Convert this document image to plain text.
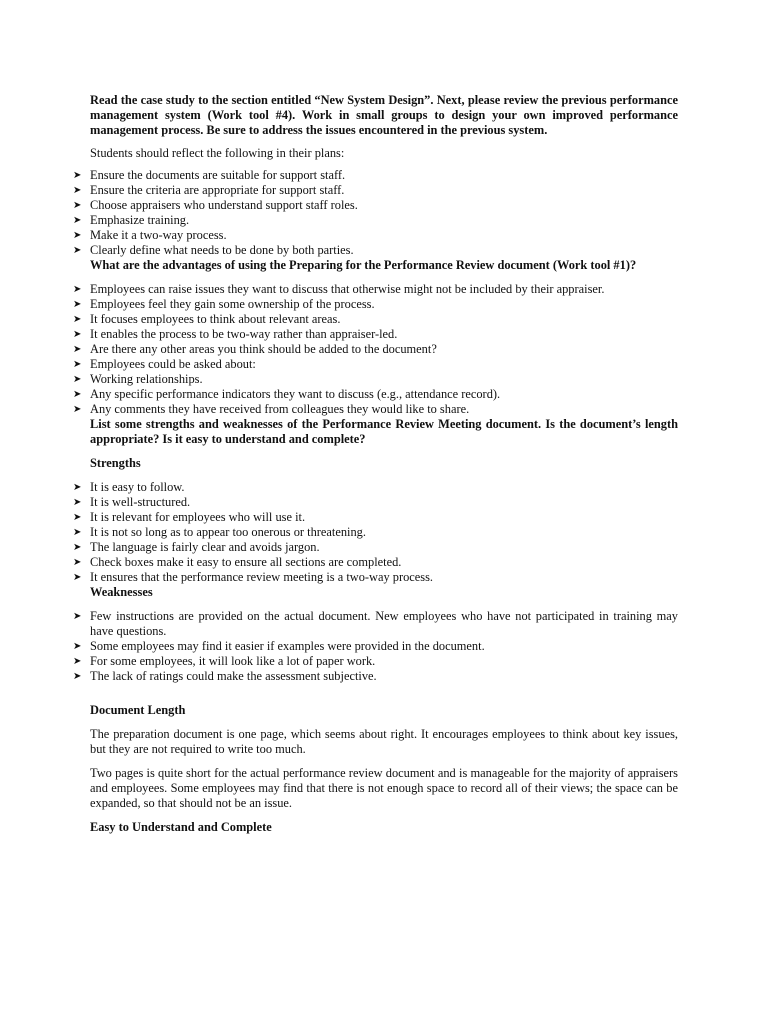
Read the case study to the section entitled “New System Design”. Next, please review the previous performance management system (Work tool #4). Work in small groups to design your own improved performance management process. Be sure to address the issues encountered in the previous system.

Students should reflect the following in their plans:

➤ Ensure the documents are suitable for support staff.
➤ Ensure the criteria are appropriate for support staff.
➤ Choose appraisers who understand support staff roles.
➤ Emphasize training.
➤ Make it a two-way process.
➤ Clearly define what needs to be done by both parties.

What are the advantages of using the Preparing for the Performance Review document (Work tool #1)?

➤ Employees can raise issues they want to discuss that otherwise might not be included by their appraiser.
➤ Employees feel they gain some ownership of the process.
➤ It focuses employees to think about relevant areas.
➤ It enables the process to be two-way rather than appraiser-led.
➤ Are there any other areas you think should be added to the document?
➤ Employees could be asked about:
➤ Working relationships.
➤ Any specific performance indicators they want to discuss (e.g., attendance record).
➤ Any comments they have received from colleagues they would like to share.

List some strengths and weaknesses of the Performance Review Meeting document. Is the document’s length appropriate? Is it easy to understand and complete?

Strengths

➤ It is easy to follow.
➤ It is well-structured.
➤ It is relevant for employees who will use it.
➤ It is not so long as to appear too onerous or threatening.
➤ The language is fairly clear and avoids jargon.
➤ Check boxes make it easy to ensure all sections are completed.
➤ It ensures that the performance review meeting is a two-way process.

Weaknesses

➤ Few instructions are provided on the actual document. New employees who have not participated in training may have questions.
➤ Some employees may find it easier if examples were provided in the document.
➤ For some employees, it will look like a lot of paper work.
➤ The lack of ratings could make the assessment subjective.

Document Length

The preparation document is one page, which seems about right. It encourages employees to think about key issues, but they are not required to write too much.

Two pages is quite short for the actual performance review document and is manageable for the majority of appraisers and employees. Some employees may find that there is not enough space to record all of their views; the space can be expanded, so that should not be an issue.

Easy to Understand and Complete
